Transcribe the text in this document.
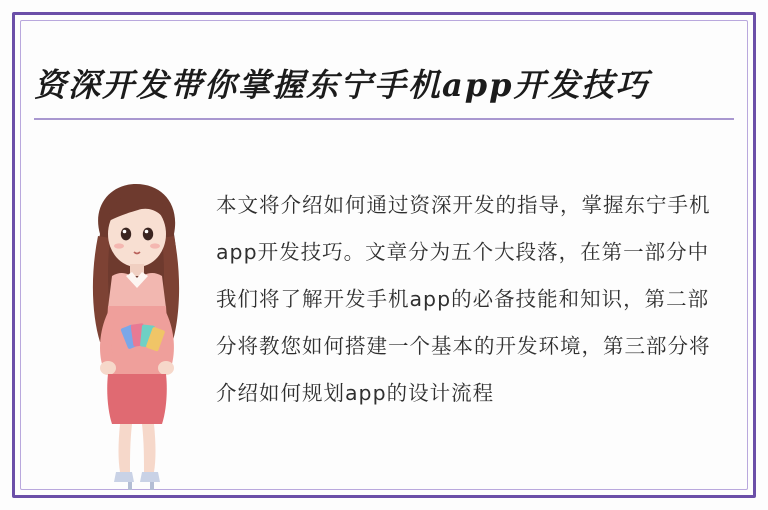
资深开发带你掌握东宁手机app开发技巧
本文将介绍如何通过资深开发的指导，掌握东宁手机app开发技巧。文章分为五个大段落，在第一部分中我们将了解开发手机app的必备技能和知识，第二部分将教您如何搭建一个基本的开发环境，第三部分将介绍如何规划app的设计流程
